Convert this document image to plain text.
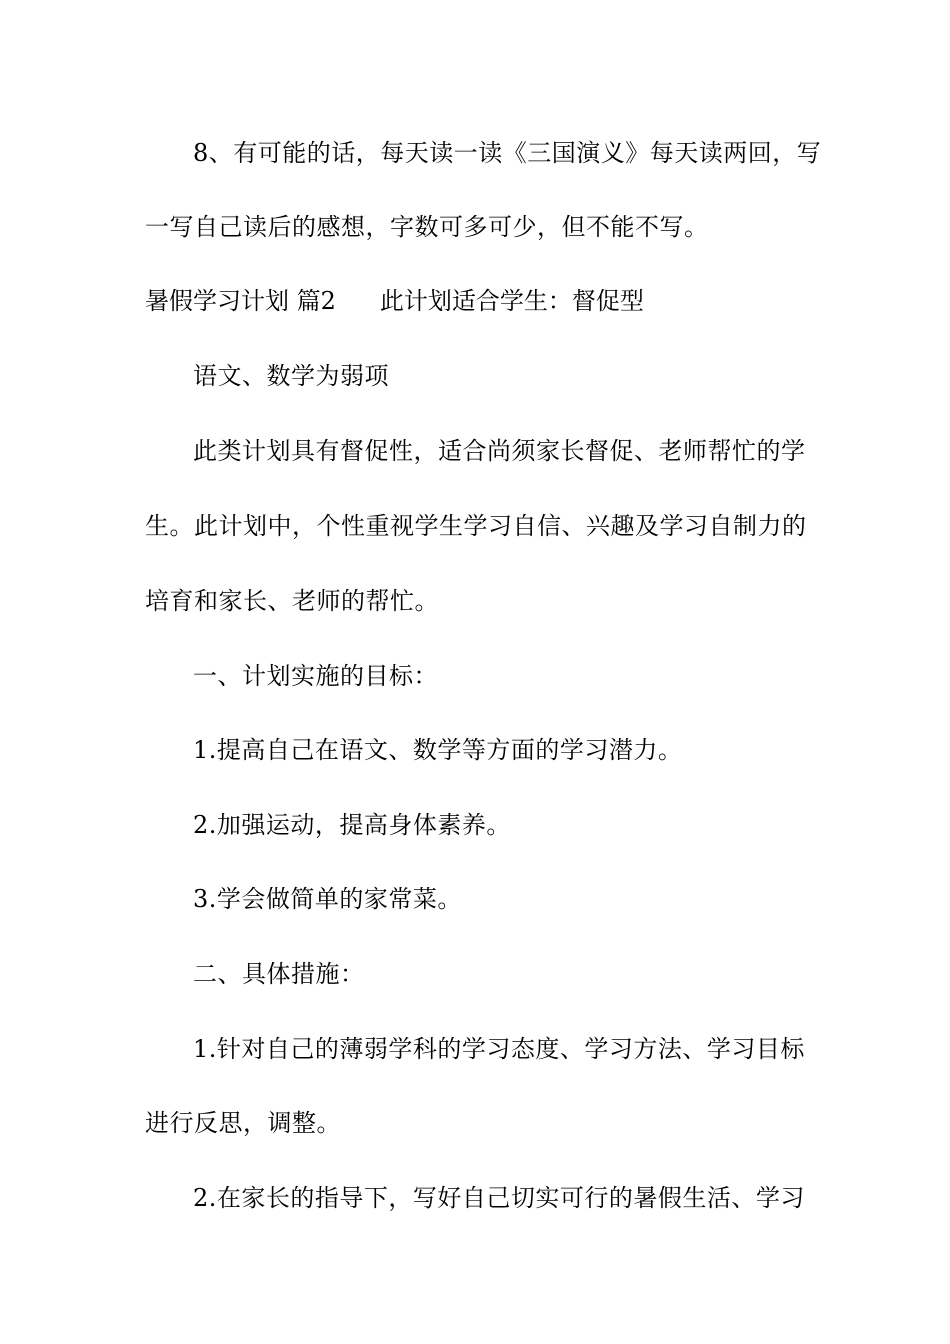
8、有可能的话，每天读一读《三国演义》每天读两回，写
一写自己读后的感想，字数可多可少，但不能不写。
暑假学习计划 篇2 此计划适合学生：督促型
语文、数学为弱项
此类计划具有督促性，适合尚须家长督促、老师帮忙的学
生。此计划中，个性重视学生学习自信、兴趣及学习自制力的
培育和家长、老师的帮忙。
一、计划实施的目标：
1.提高自己在语文、数学等方面的学习潜力。
2.加强运动，提高身体素养。
3.学会做简单的家常菜。
二、具体措施：
1.针对自己的薄弱学科的学习态度、学习方法、学习目标
进行反思，调整。
2.在家长的指导下，写好自己切实可行的暑假生活、学习
